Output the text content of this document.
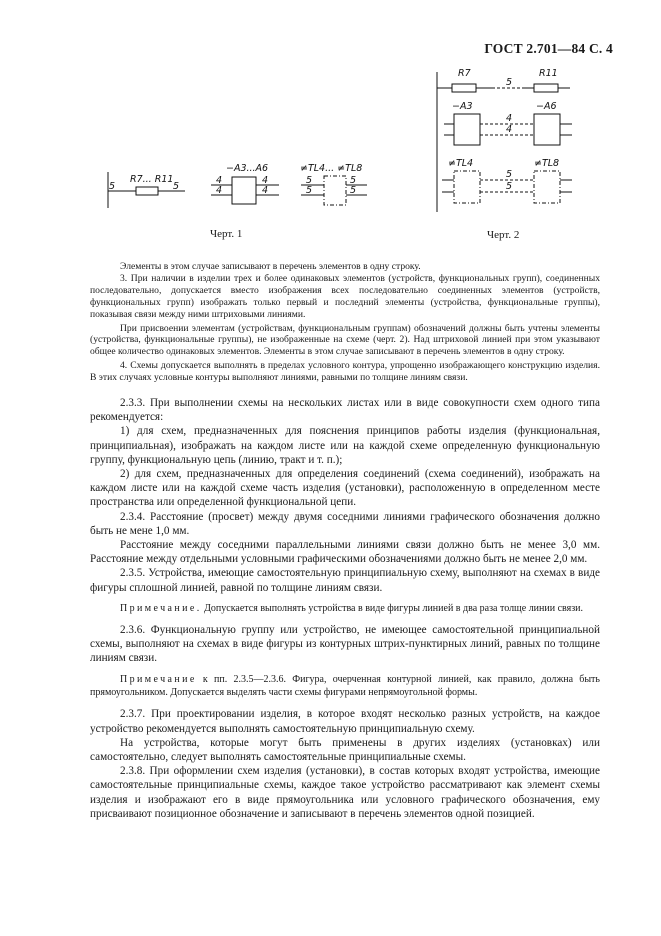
ГОСТ 2.701—84 С. 4
5	5
R7... R11
−A3...A6
4
4
4
4
≠TL4... ≠TL8
5
5
5
5
Черт. 1
R7	R11
5
−A3	−A6
4
4
≠TL4	≠TL8
5
5
Черт. 2

Элементы в этом случае записывают в перечень элементов в одну строку.

3. При наличии в изделии трех и более одинаковых элементов (устройств, функциональных групп), соединенных последовательно, допускается вместо изображения всех последовательно соединенных элементов (устройств, функциональных групп) изображать только первый и последний элементы (устройства, функциональные группы), показывая связи между ними штриховыми линиями.

При присвоении элементам (устройствам, функциональным группам) обозначений должны быть учтены элементы (устройства, функциональные группы), не изображенные на схеме (черт. 2). Над штриховой линией при этом указывают общее количество одинаковых элементов. Элементы в этом случае записывают в перечень элементов в одну строку.

4. Схемы допускается выполнять в пределах условного контура, упрощенно изображающего конструкцию изделия. В этих случаях условные контуры выполняют линиями, равными по толщине линиям связи.

2.3.3. При выполнении схемы на нескольких листах или в виде совокупности схем одного типа рекомендуется:

1) для схем, предназначенных для пояснения принципов работы изделия (функциональная, принципиальная), изображать на каждом листе или на каждой схеме определенную функциональную группу, функциональную цепь (линию, тракт и т. п.);

2) для схем, предназначенных для определения соединений (схема соединений), изображать на каждом листе или на каждой схеме часть изделия (установки), расположенную в определенном месте пространства или определенной функциональной цепи.

2.3.4. Расстояние (просвет) между двумя соседними линиями графического обозначения должно быть не мене 1,0 мм.

Расстояние между соседними параллельными линиями связи должно быть не менее 3,0 мм. Расстояние между отдельными условными графическими обозначениями должно быть не менее 2,0 мм.

2.3.5. Устройства, имеющие самостоятельную принципиальную схему, выполняют на схемах в виде фигуры сплошной линией, равной по толщине линиям связи.

Примечание. Допускается выполнять устройства в виде фигуры линией в два раза толще линии связи.

2.3.6. Функциональную группу или устройство, не имеющее самостоятельной принципиальной схемы, выполняют на схемах в виде фигуры из контурных штрих-пунктирных линий, равных по толщине линиям связи.

Примечание к пп. 2.3.5—2.3.6. Фигура, очерченная контурной линией, как правило, должна быть прямоугольником. Допускается выделять части схемы фигурами непрямоугольной формы.

2.3.7. При проектировании изделия, в которое входят несколько разных устройств, на каждое устройство рекомендуется выполнять самостоятельную принципиальную схему.

На устройства, которые могут быть применены в других изделиях (установках) или самостоятельно, следует выполнять самостоятельные принципиальные схемы.

2.3.8. При оформлении схем изделия (установки), в состав которых входят устройства, имеющие самостоятельные принципиальные схемы, каждое такое устройство рассматривают как элемент схемы изделия и изображают его в виде прямоугольника или условного графического обозначения, ему присваивают позиционное обозначение и записывают в перечень элементов одной позицией.
